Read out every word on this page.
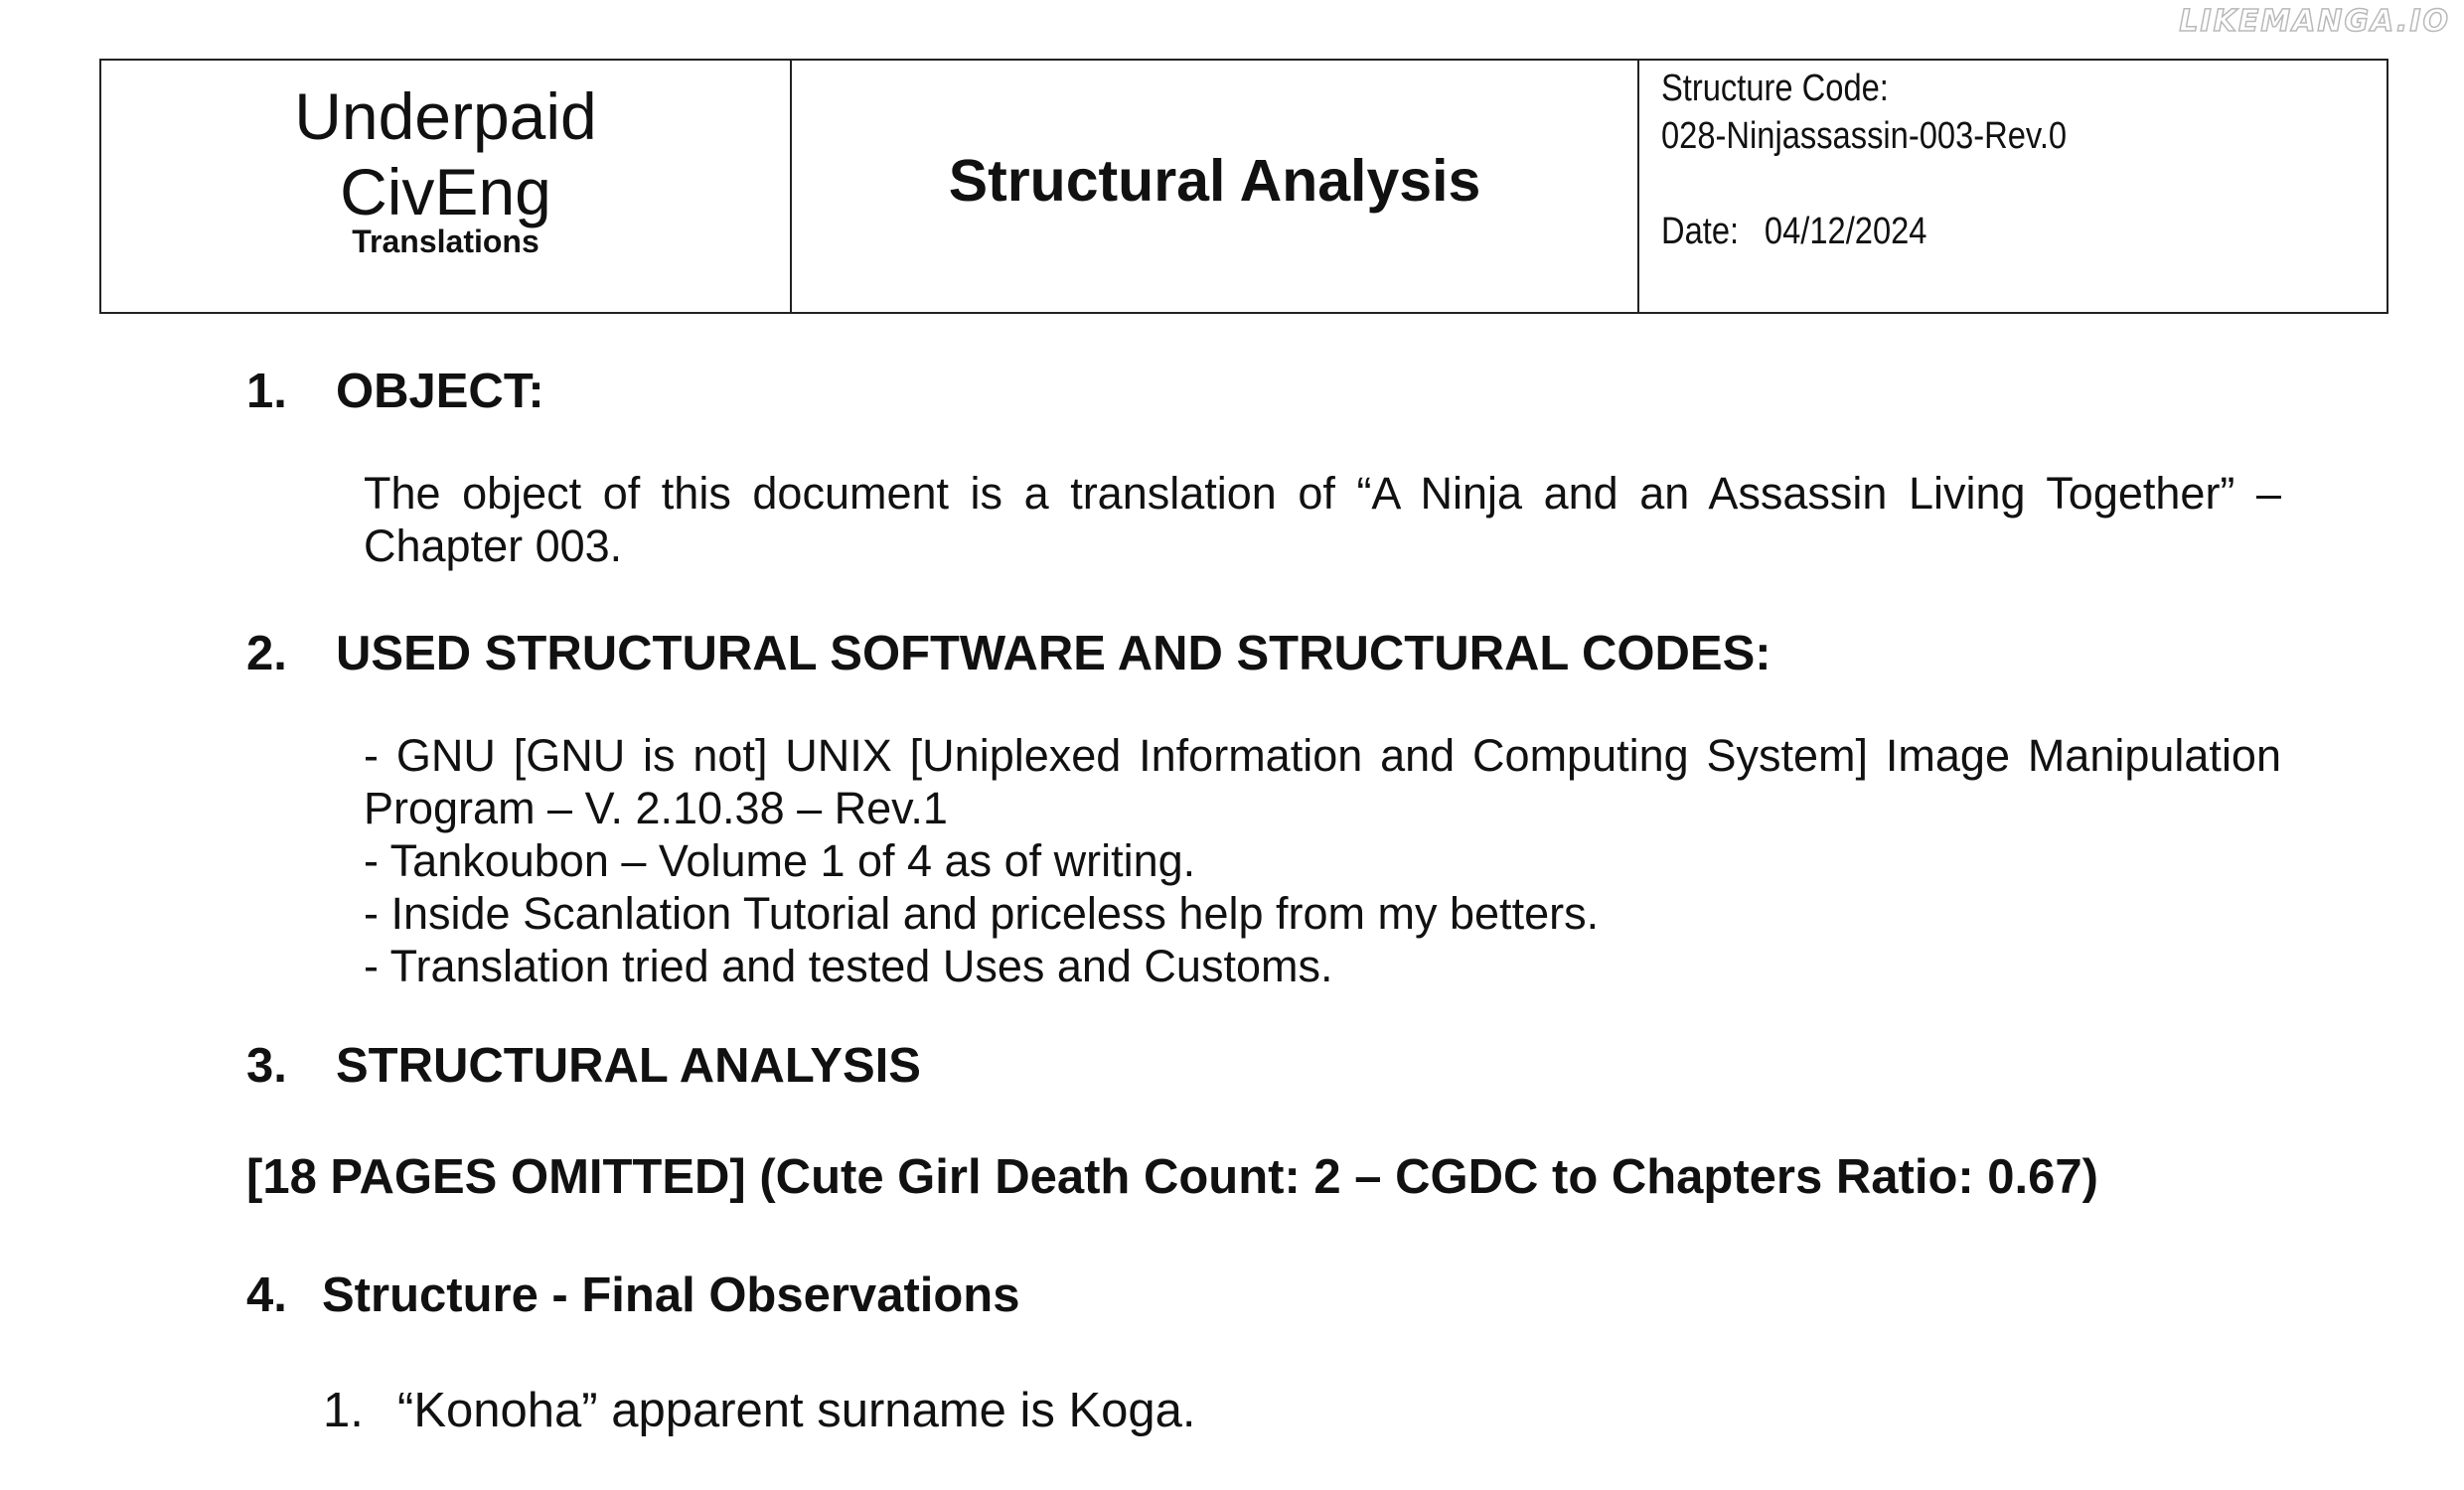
LIKEMANGA.IO
Underpaid
CivEng
Translations
Structural Analysis
Structure Code:
028-Ninjassassin-003-Rev.0
Date: 04/12/2024
1. OBJECT:
The object of this document is a translation of “A Ninja and an Assassin Living Together” –
Chapter 003.
2. USED STRUCTURAL SOFTWARE AND STRUCTURAL CODES:
- GNU [GNU is not] UNIX [Uniplexed Information and Computing System] Image Manipulation
Program – V. 2.10.38 – Rev.1
- Tankoubon – Volume 1 of 4 as of writing.
- Inside Scanlation Tutorial and priceless help from my betters.
- Translation tried and tested Uses and Customs.
3. STRUCTURAL ANALYSIS
[18 PAGES OMITTED] (Cute Girl Death Count: 2 – CGDC to Chapters Ratio: 0.67)
4. Structure - Final Observations
1. “Konoha” apparent surname is Koga.
